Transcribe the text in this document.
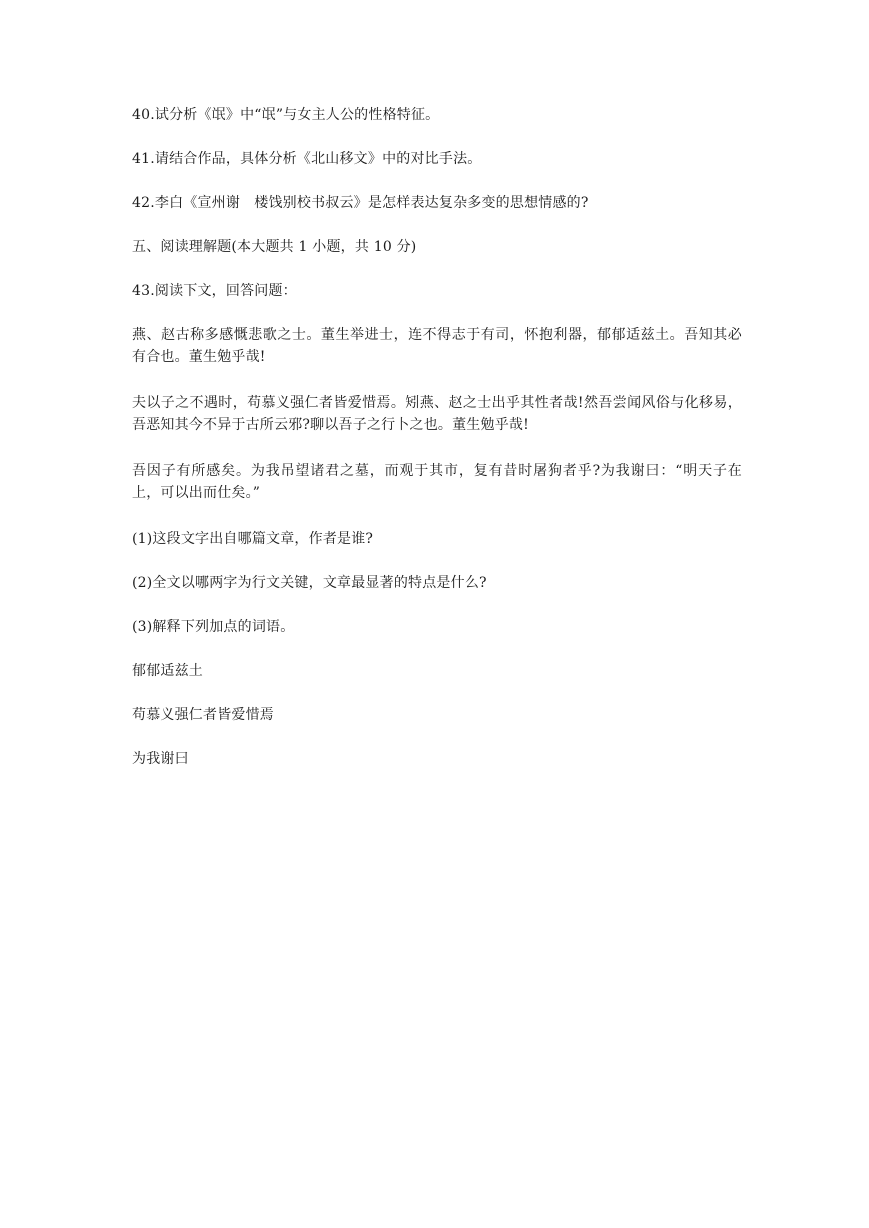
40.试分析《氓》中“氓”与女主人公的性格特征。

41.请结合作品，具体分析《北山移文》中的对比手法。

42.李白《宣州谢　楼饯别校书叔云》是怎样表达复杂多变的思想情感的?

五、阅读理解题(本大题共 1 小题，共 10 分)

43.阅读下文，回答问题：

燕、赵古称多感慨悲歌之士。董生举进士，连不得志于有司，怀抱利器，郁郁适兹土。吾知其必有合也。董生勉乎哉!

夫以子之不遇时，苟慕义强仁者皆爱惜焉。矧燕、赵之士出乎其性者哉!然吾尝闻风俗与化移易，吾恶知其今不异于古所云邪?聊以吾子之行卜之也。董生勉乎哉!

吾因子有所感矣。为我吊望诸君之墓，而观于其市，复有昔时屠狗者乎?为我谢曰：“明天子在上，可以出而仕矣。”

(1)这段文字出自哪篇文章，作者是谁?

(2)全文以哪两字为行文关键，文章最显著的特点是什么?

(3)解释下列加点的词语。

郁郁适兹土

苟慕义强仁者皆爱惜焉

为我谢曰
